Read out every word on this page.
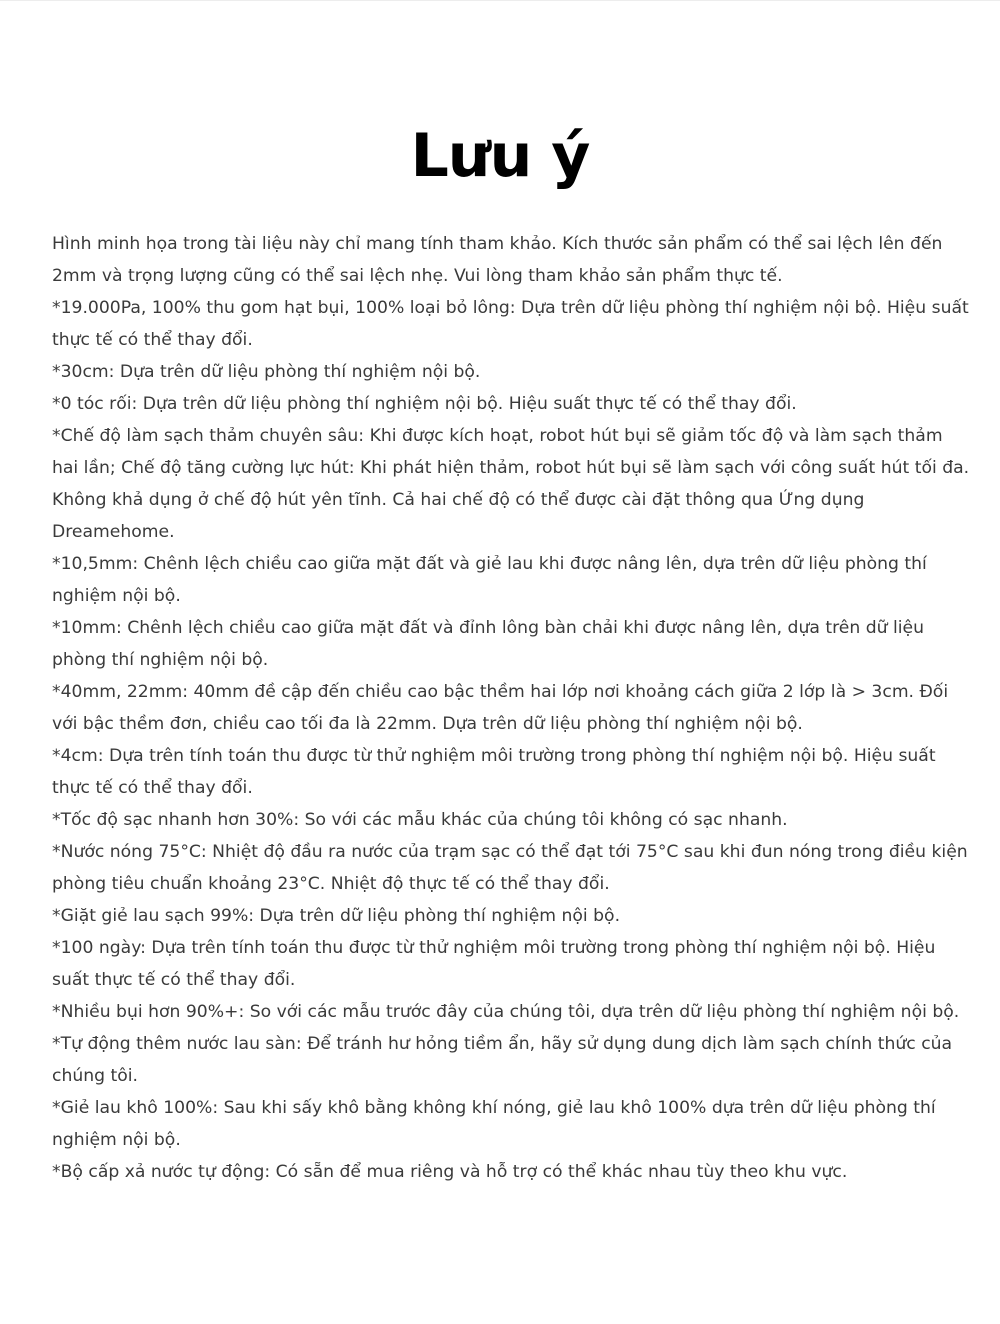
Lưu ý
Hình minh họa trong tài liệu này chỉ mang tính tham khảo. Kích thước sản phẩm có thể sai lệch lên đến 2mm và trọng lượng cũng có thể sai lệch nhẹ. Vui lòng tham khảo sản phẩm thực tế.
*19.000Pa, 100% thu gom hạt bụi, 100% loại bỏ lông: Dựa trên dữ liệu phòng thí nghiệm nội bộ. Hiệu suất thực tế có thể thay đổi.
*30cm: Dựa trên dữ liệu phòng thí nghiệm nội bộ.
*0 tóc rối: Dựa trên dữ liệu phòng thí nghiệm nội bộ. Hiệu suất thực tế có thể thay đổi.
*Chế độ làm sạch thảm chuyên sâu: Khi được kích hoạt, robot hút bụi sẽ giảm tốc độ và làm sạch thảm hai lần; Chế độ tăng cường lực hút: Khi phát hiện thảm, robot hút bụi sẽ làm sạch với công suất hút tối đa. Không khả dụng ở chế độ hút yên tĩnh. Cả hai chế độ có thể được cài đặt thông qua Ứng dụng Dreamehome.
*10,5mm: Chênh lệch chiều cao giữa mặt đất và giẻ lau khi được nâng lên, dựa trên dữ liệu phòng thí nghiệm nội bộ.
*10mm: Chênh lệch chiều cao giữa mặt đất và đỉnh lông bàn chải khi được nâng lên, dựa trên dữ liệu phòng thí nghiệm nội bộ.
*40mm, 22mm: 40mm đề cập đến chiều cao bậc thềm hai lớp nơi khoảng cách giữa 2 lớp là > 3cm. Đối với bậc thềm đơn, chiều cao tối đa là 22mm. Dựa trên dữ liệu phòng thí nghiệm nội bộ.
*4cm: Dựa trên tính toán thu được từ thử nghiệm môi trường trong phòng thí nghiệm nội bộ. Hiệu suất thực tế có thể thay đổi.
*Tốc độ sạc nhanh hơn 30%: So với các mẫu khác của chúng tôi không có sạc nhanh.
*Nước nóng 75°C: Nhiệt độ đầu ra nước của trạm sạc có thể đạt tới 75°C sau khi đun nóng trong điều kiện phòng tiêu chuẩn khoảng 23°C. Nhiệt độ thực tế có thể thay đổi.
*Giặt giẻ lau sạch 99%: Dựa trên dữ liệu phòng thí nghiệm nội bộ.
*100 ngày: Dựa trên tính toán thu được từ thử nghiệm môi trường trong phòng thí nghiệm nội bộ. Hiệu suất thực tế có thể thay đổi.
*Nhiều bụi hơn 90%+: So với các mẫu trước đây của chúng tôi, dựa trên dữ liệu phòng thí nghiệm nội bộ.
*Tự động thêm nước lau sàn: Để tránh hư hỏng tiềm ẩn, hãy sử dụng dung dịch làm sạch chính thức của chúng tôi.
*Giẻ lau khô 100%: Sau khi sấy khô bằng không khí nóng, giẻ lau khô 100% dựa trên dữ liệu phòng thí nghiệm nội bộ.
*Bộ cấp xả nước tự động: Có sẵn để mua riêng và hỗ trợ có thể khác nhau tùy theo khu vực.
